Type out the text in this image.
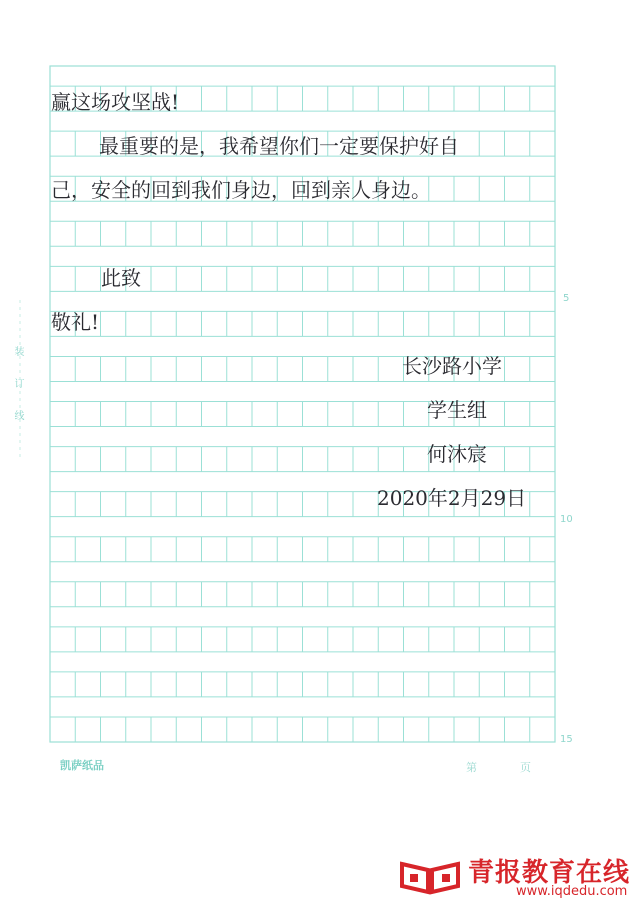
装
订
线
5
10
15
赢这场攻坚战!
最重要的是，我希望你们一定要保护好自
己，安全的回到我们身边，回到亲人身边。
此致
敬礼!
长沙路小学
学生组
何沐宸
2020年2月29日
凯萨纸品	第	页
青报教育在线
www.iqdedu.com
